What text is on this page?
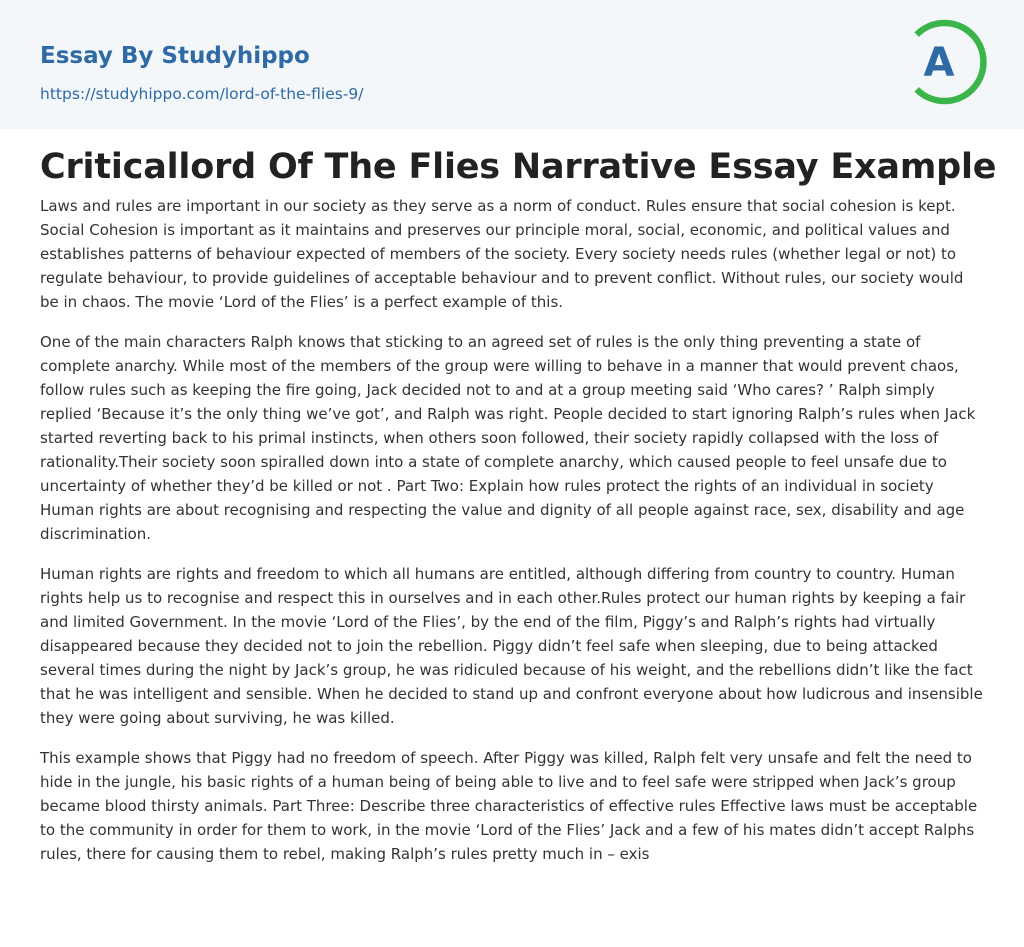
Essay By Studyhippo
https://studyhippo.com/lord-of-the-flies-9/
A
Criticallord Of The Flies Narrative Essay Example

Laws and rules are important in our society as they serve as a norm of conduct. Rules ensure that social cohesion is kept. Social Cohesion is important as it maintains and preserves our principle moral, social, economic, and political values and establishes patterns of behaviour expected of members of the society. Every society needs rules (whether legal or not) to regulate behaviour, to provide guidelines of acceptable behaviour and to prevent conflict. Without rules, our society would be in chaos. The movie ‘Lord of the Flies’ is a perfect example of this.

One of the main characters Ralph knows that sticking to an agreed set of rules is the only thing preventing a state of complete anarchy. While most of the members of the group were willing to behave in a manner that would prevent chaos, follow rules such as keeping the fire going, Jack decided not to and at a group meeting said ‘Who cares? ’ Ralph simply replied ‘Because it’s the only thing we’ve got’, and Ralph was right. People decided to start ignoring Ralph’s rules when Jack started reverting back to his primal instincts, when others soon followed, their society rapidly collapsed with the loss of rationality.Their society soon spiralled down into a state of complete anarchy, which caused people to feel unsafe due to uncertainty of whether they’d be killed or not . Part Two: Explain how rules protect the rights of an individual in society Human rights are about recognising and respecting the value and dignity of all people against race, sex, disability and age discrimination.

Human rights are rights and freedom to which all humans are entitled, although differing from country to country. Human rights help us to recognise and respect this in ourselves and in each other.Rules protect our human rights by keeping a fair and limited Government. In the movie ‘Lord of the Flies’, by the end of the film, Piggy’s and Ralph’s rights had virtually disappeared because they decided not to join the rebellion. Piggy didn’t feel safe when sleeping, due to being attacked several times during the night by Jack’s group, he was ridiculed because of his weight, and the rebellions didn’t like the fact that he was intelligent and sensible. When he decided to stand up and confront everyone about how ludicrous and insensible they were going about surviving, he was killed.

This example shows that Piggy had no freedom of speech. After Piggy was killed, Ralph felt very unsafe and felt the need to hide in the jungle, his basic rights of a human being of being able to live and to feel safe were stripped when Jack’s group became blood thirsty animals. Part Three: Describe three characteristics of effective rules Effective laws must be acceptable to the community in order for them to work, in the movie ‘Lord of the Flies’ Jack and a few of his mates didn’t accept Ralphs rules, there for causing them to rebel, making Ralph’s rules pretty much in – exis
